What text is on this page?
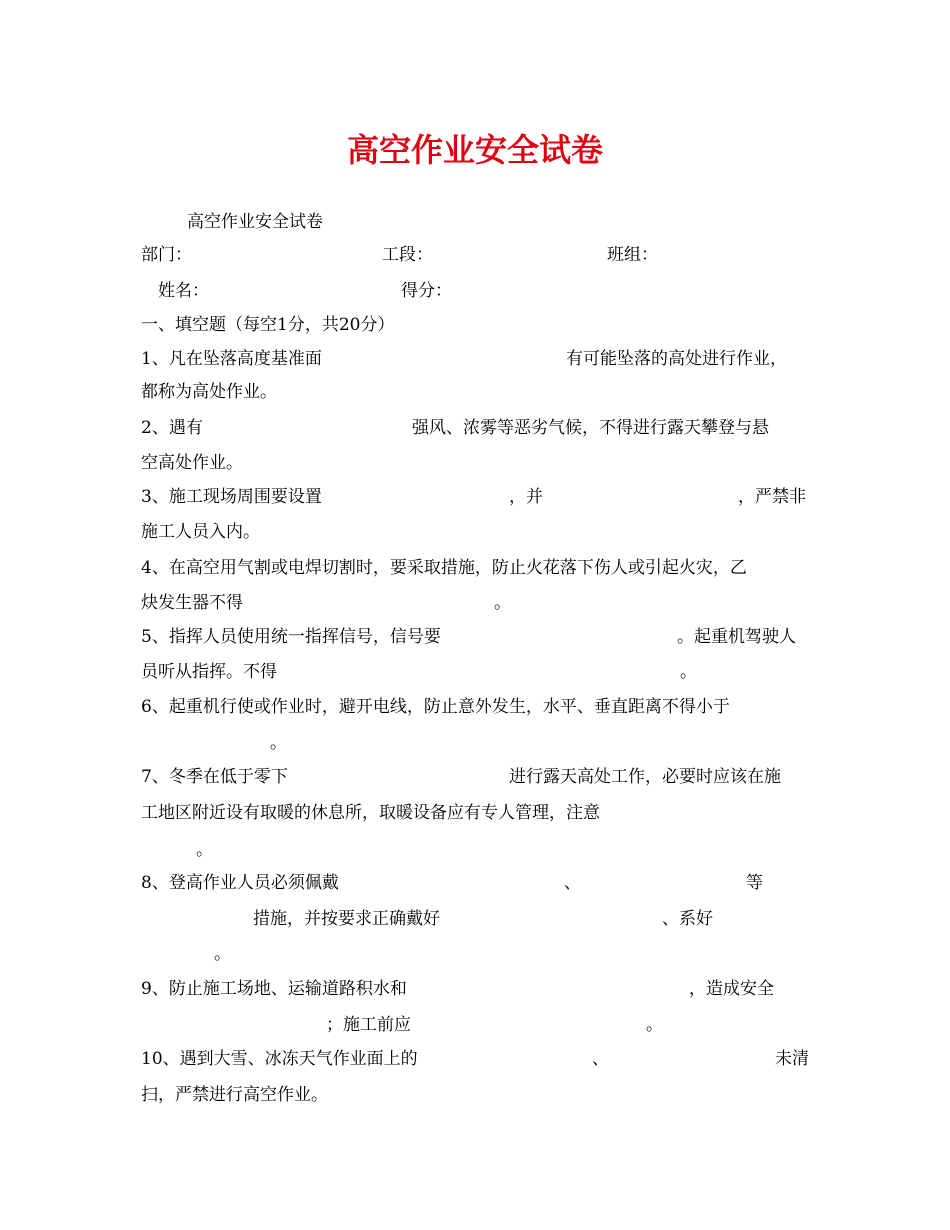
高空作业安全试卷
高空作业安全试卷
部门：	工段：	班组：
姓名：	得分：
一、填空题（每空1分，共20分）
1、凡在坠落高度基准面	有可能坠落的高处进行作业，
都称为高处作业。
2、遇有	强风、浓雾等恶劣气候，不得进行露天攀登与悬
空高处作业。
3、施工现场周围要设置	，并	，严禁非
施工人员入内。
4、在高空用气割或电焊切割时，要采取措施，防止火花落下伤人或引起火灾，乙
炔发生器不得	。
5、指挥人员使用统一指挥信号，信号要	。起重机驾驶人
员听从指挥。不得	。
6、起重机行使或作业时，避开电线，防止意外发生，水平、垂直距离不得小于
。
7、冬季在低于零下	进行露天高处工作，必要时应该在施
工地区附近设有取暖的休息所，取暖设备应有专人管理，注意
。
8、登高作业人员必须佩戴	、	等
措施，并按要求正确戴好	、系好
。
9、防止施工场地、运输道路积水和	，造成安全
；施工前应	。
10、遇到大雪、冰冻天气作业面上的	、	未清
扫，严禁进行高空作业。
